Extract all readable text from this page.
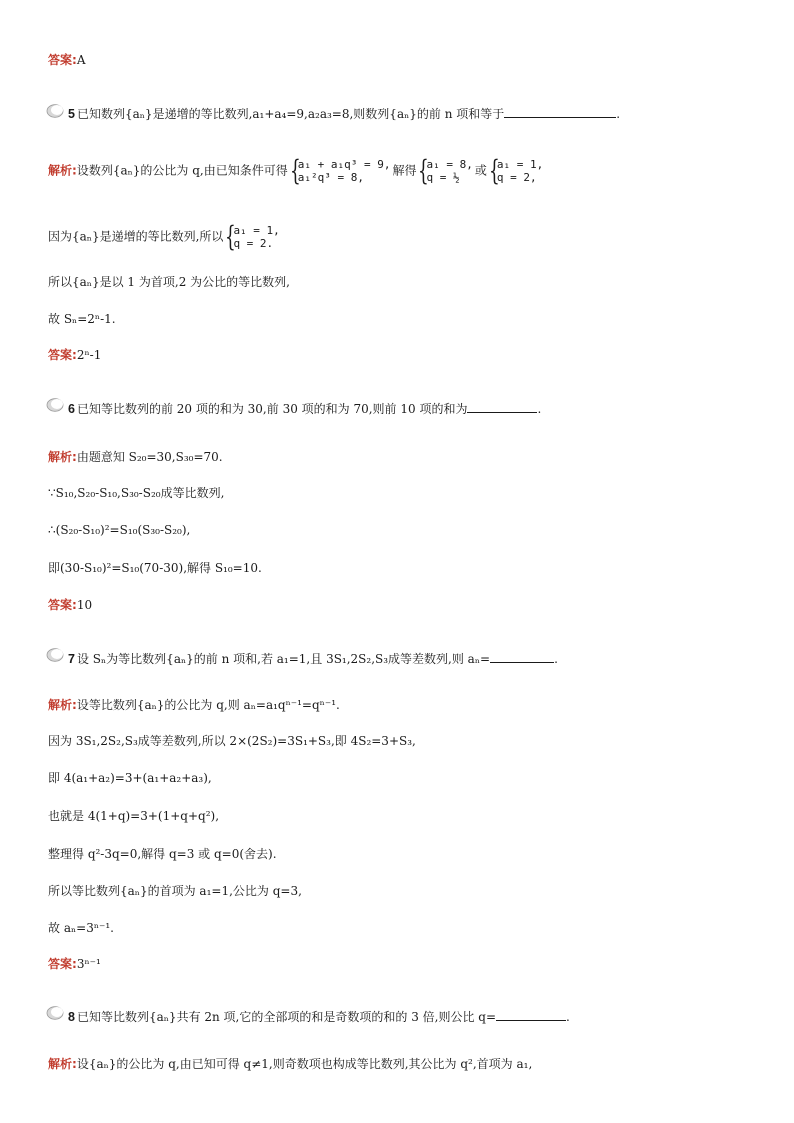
答案:A
5 已知数列{aₙ}是递增的等比数列,a₁+a₄=9,a₂a₃=8,则数列{aₙ}的前 n 项和等于	.
解析:设数列{aₙ}的公比为 q,由已知条件可得 {
a₁ + a₁q³ = 9,
a₁²q³ = 8,	解得 {
a₁ = 8,
q = ½	或 {
a₁ = 1,
q = 2,
因为{aₙ}是递增的等比数列,所以 {
a₁ = 1,
q = 2.
所以{aₙ}是以 1 为首项,2 为公比的等比数列,
故 Sₙ=2ⁿ-1.
答案:2ⁿ-1
6 已知等比数列的前 20 项的和为 30,前 30 项的和为 70,则前 10 项的和为	.
解析:由题意知 S₂₀=30,S₃₀=70.
∵S₁₀,S₂₀-S₁₀,S₃₀-S₂₀成等比数列,
∴(S₂₀-S₁₀)²=S₁₀(S₃₀-S₂₀),
即(30-S₁₀)²=S₁₀(70-30),解得 S₁₀=10.
答案:10
7 设 Sₙ为等比数列{aₙ}的前 n 项和,若 a₁=1,且 3S₁,2S₂,S₃成等差数列,则 aₙ=	.
解析:设等比数列{aₙ}的公比为 q,则 aₙ=a₁qⁿ⁻¹=qⁿ⁻¹.
因为 3S₁,2S₂,S₃成等差数列,所以 2×(2S₂)=3S₁+S₃,即 4S₂=3+S₃,
即 4(a₁+a₂)=3+(a₁+a₂+a₃),
也就是 4(1+q)=3+(1+q+q²),
整理得 q²-3q=0,解得 q=3 或 q=0(舍去).
所以等比数列{aₙ}的首项为 a₁=1,公比为 q=3,
故 aₙ=3ⁿ⁻¹.
答案:3ⁿ⁻¹
8 已知等比数列{aₙ}共有 2n 项,它的全部项的和是奇数项的和的 3 倍,则公比 q=	.
解析:设{aₙ}的公比为 q,由已知可得 q≠1,则奇数项也构成等比数列,其公比为 q²,首项为 a₁,
